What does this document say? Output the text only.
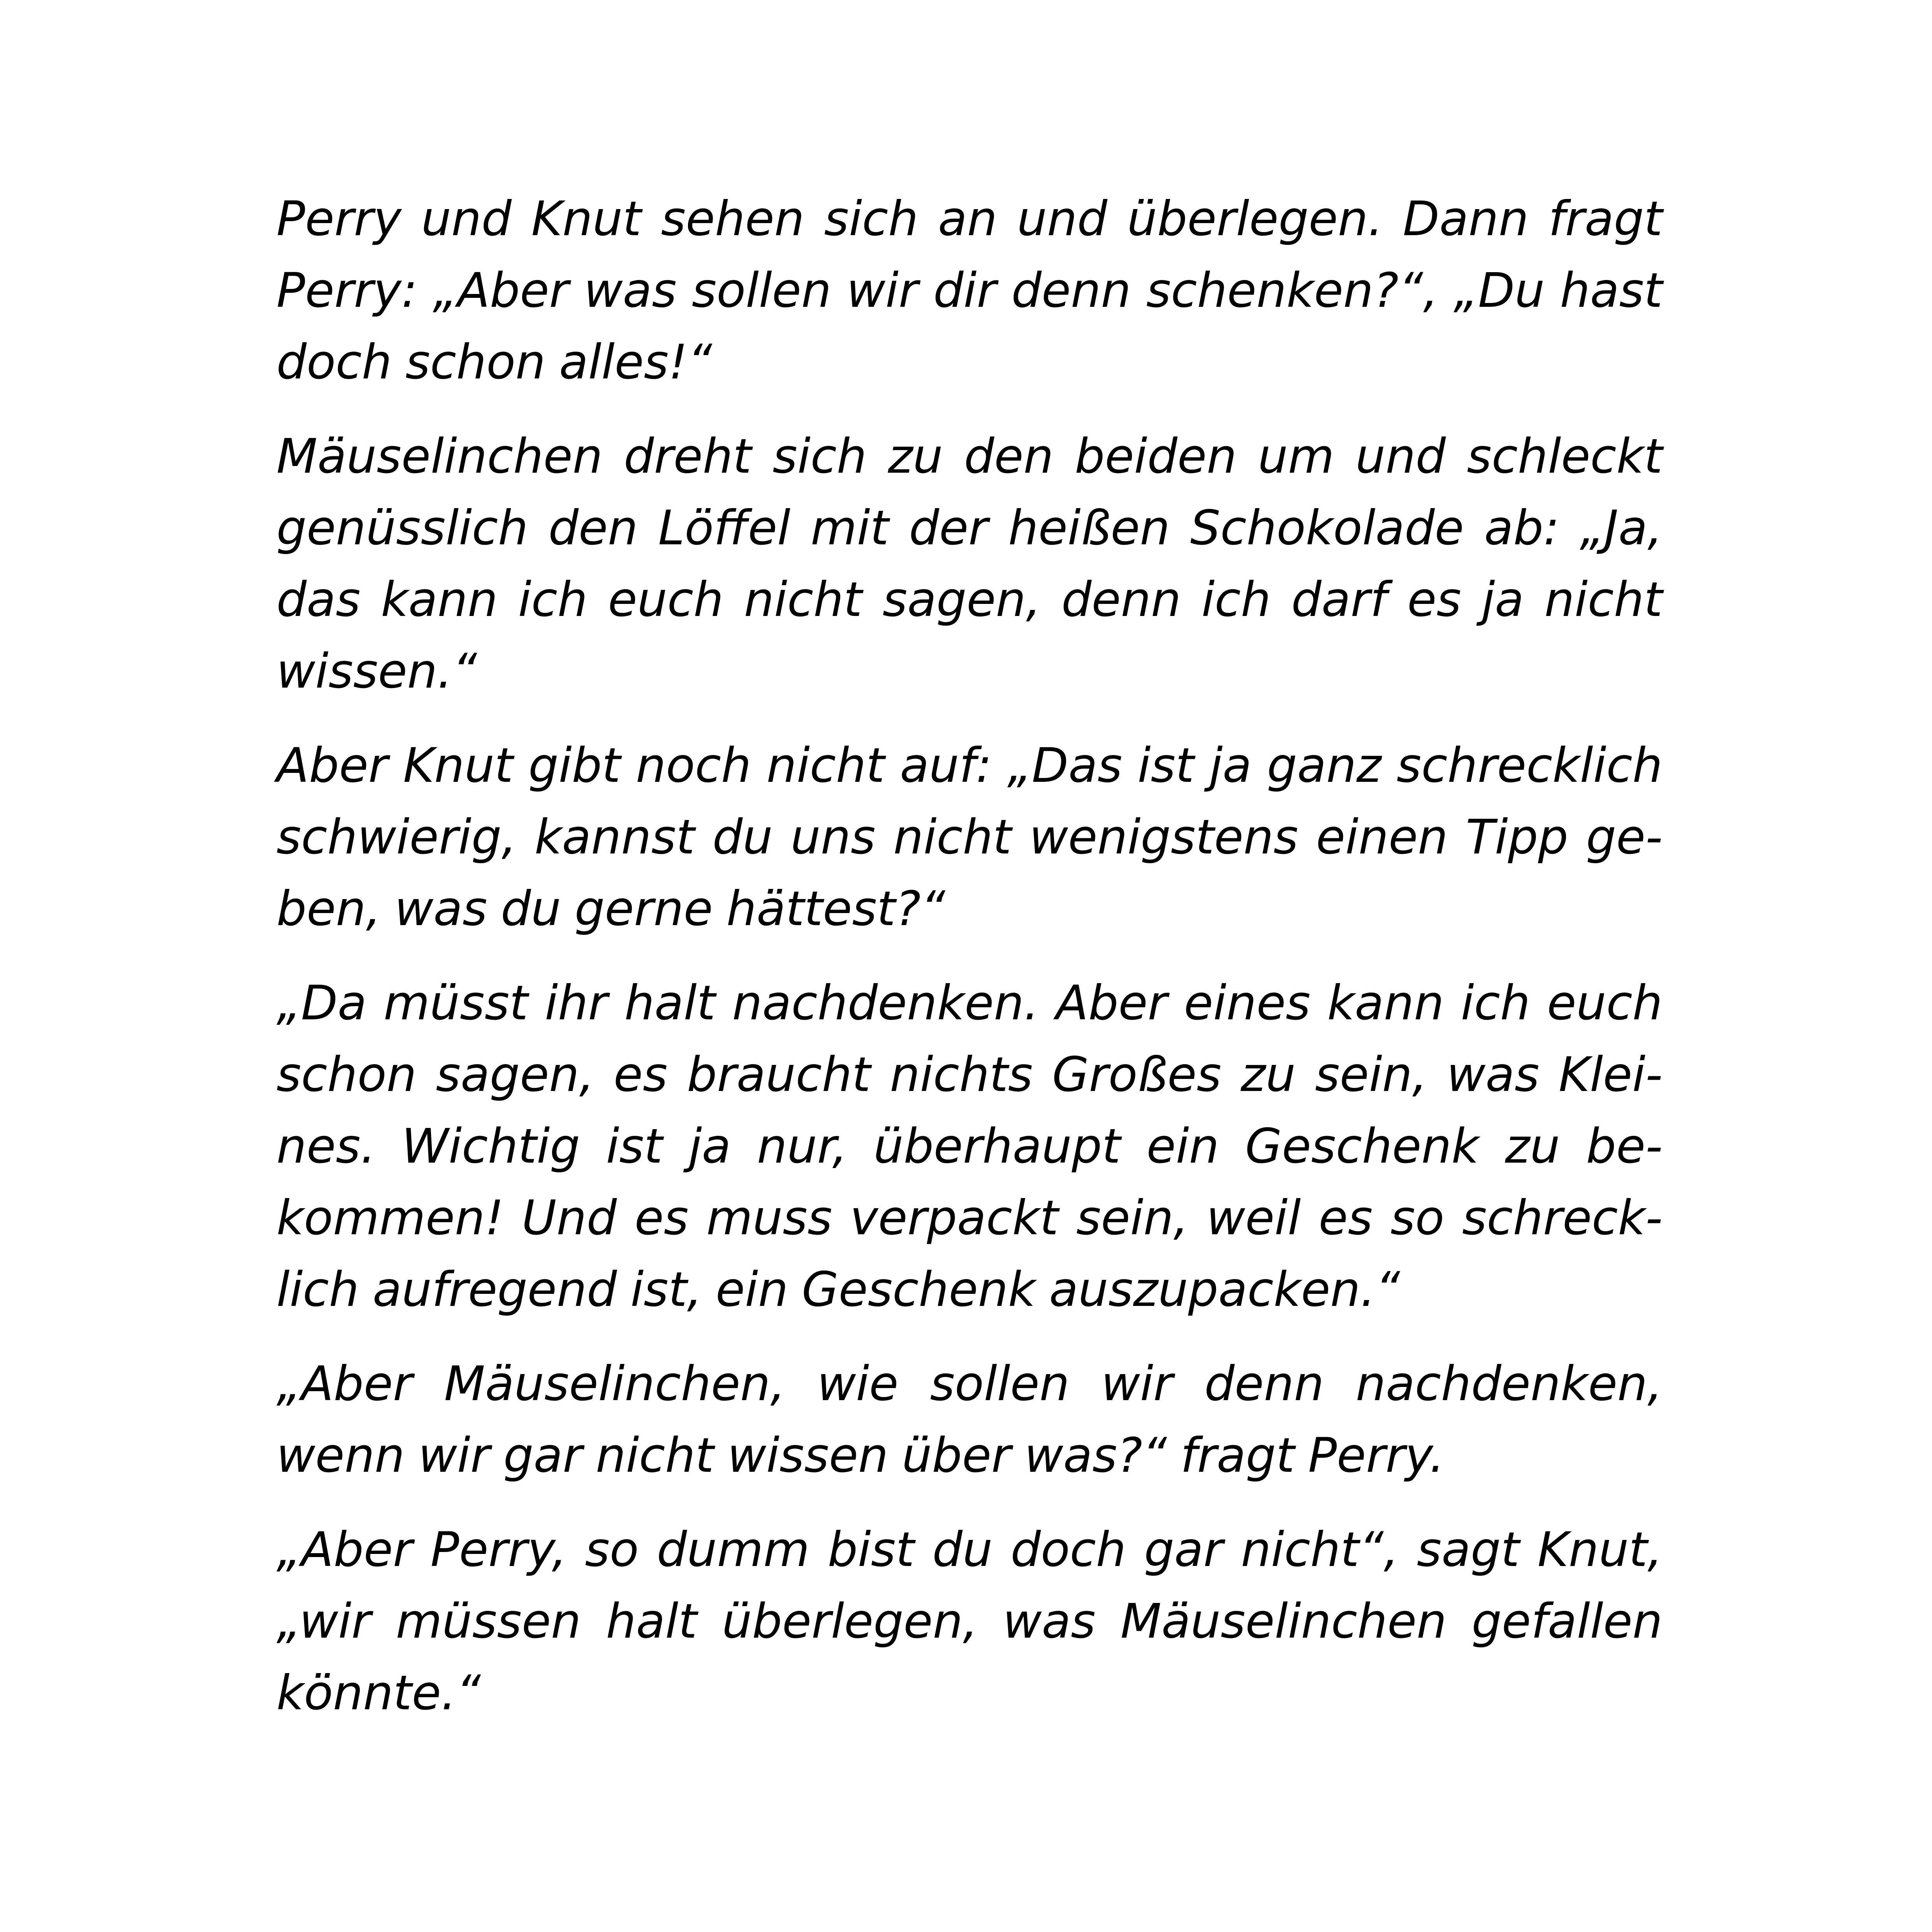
Perry und Knut sehen sich an und überlegen. Dann fragt
Perry: „Aber was sollen wir dir denn schenken?“, „Du hast
doch schon alles!“
Mäuselinchen dreht sich zu den beiden um und schleckt
genüsslich den Löffel mit der heißen Schokolade ab: „Ja,
das kann ich euch nicht sagen, denn ich darf es ja nicht
wissen.“
Aber Knut gibt noch nicht auf: „Das ist ja ganz schrecklich
schwierig, kannst du uns nicht wenigstens einen Tipp ge-
ben, was du gerne hättest?“
„Da müsst ihr halt nachdenken. Aber eines kann ich euch
schon sagen, es braucht nichts Großes zu sein, was Klei-
nes. Wichtig ist ja nur, überhaupt ein Geschenk zu be-
kommen! Und es muss verpackt sein, weil es so schreck-
lich aufregend ist, ein Geschenk auszupacken.“
„Aber Mäuselinchen, wie sollen wir denn nachdenken,
wenn wir gar nicht wissen über was?“ fragt Perry.
„Aber Perry, so dumm bist du doch gar nicht“, sagt Knut,
„wir müssen halt überlegen, was Mäuselinchen gefallen
könnte.“
